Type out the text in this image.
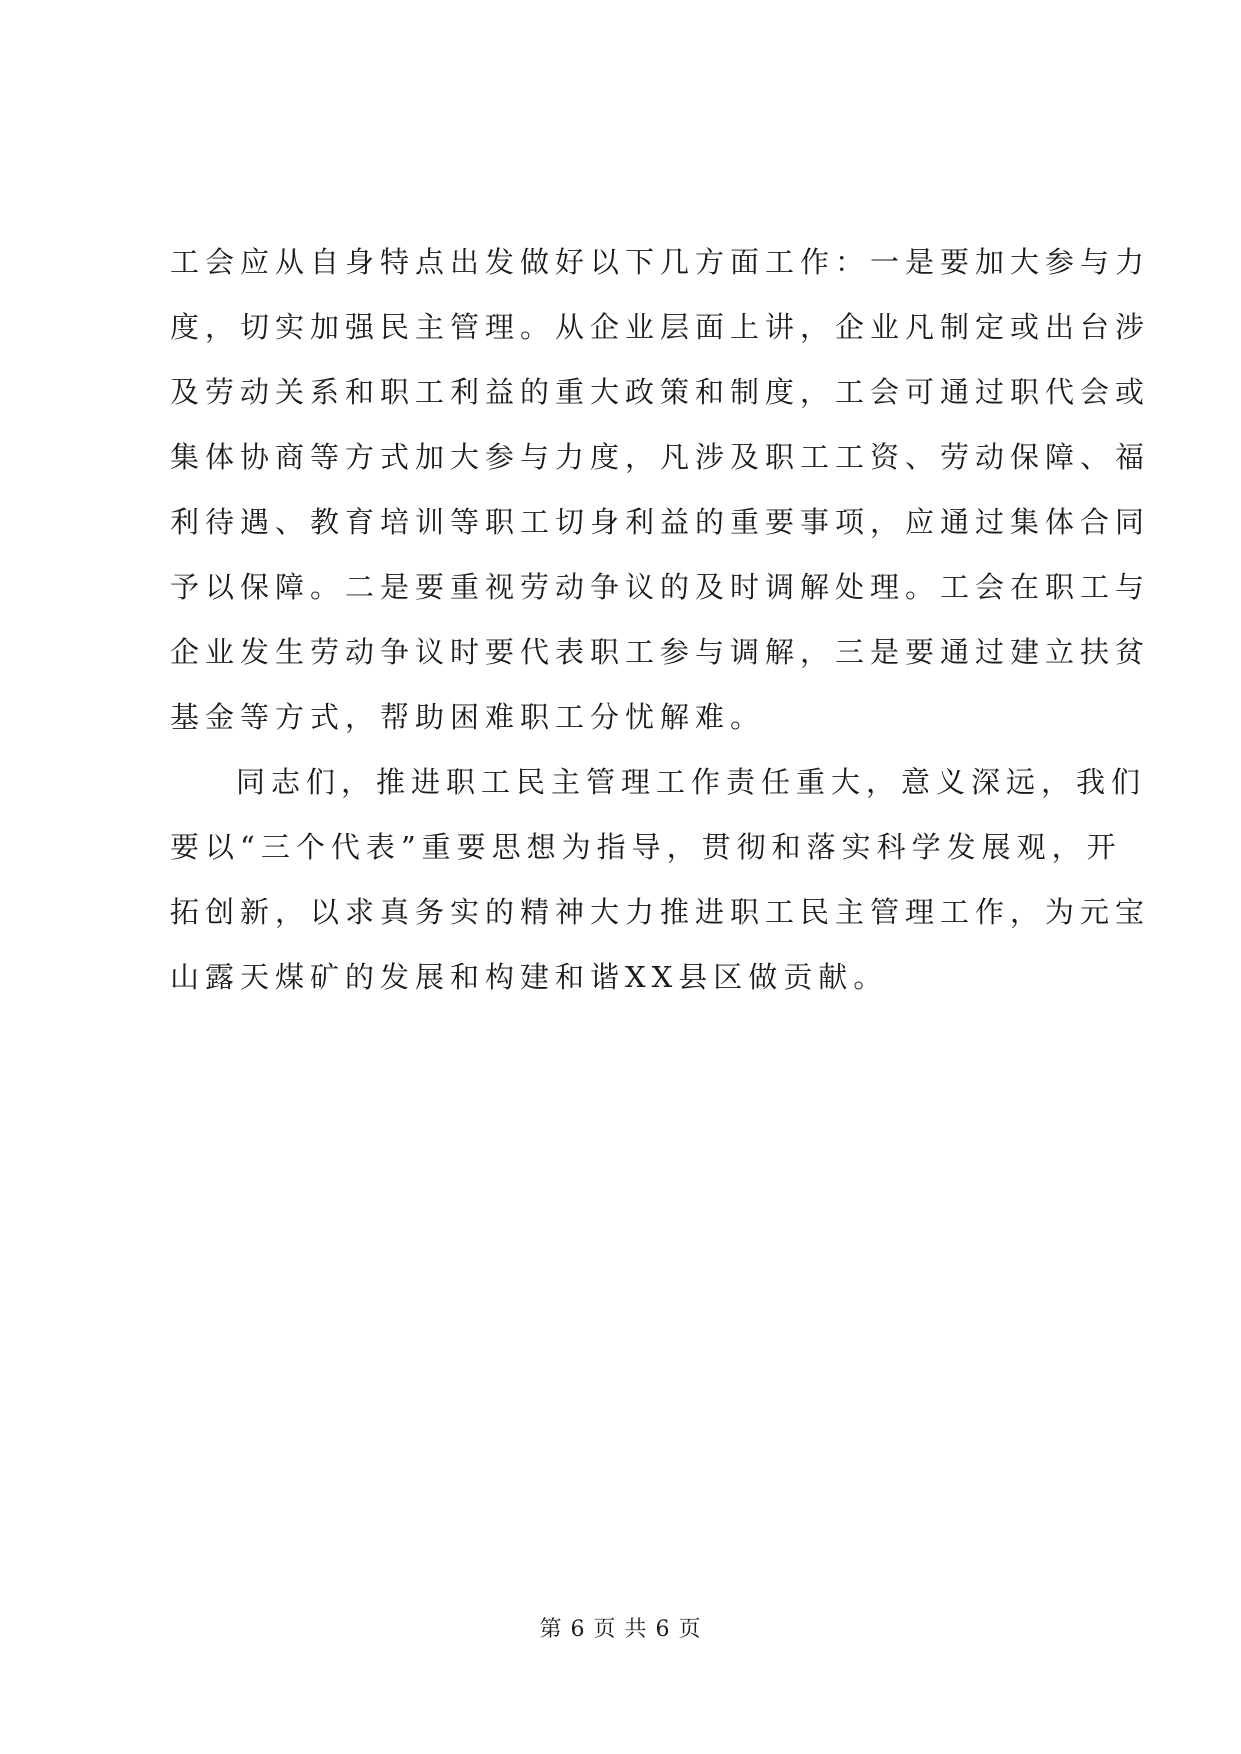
工会应从自身特点出发做好以下几方面工作：一是要加大参与力
度，切实加强民主管理。从企业层面上讲，企业凡制定或出台涉
及劳动关系和职工利益的重大政策和制度，工会可通过职代会或
集体协商等方式加大参与力度，凡涉及职工工资、劳动保障、福
利待遇、教育培训等职工切身利益的重要事项，应通过集体合同
予以保障。二是要重视劳动争议的及时调解处理。工会在职工与
企业发生劳动争议时要代表职工参与调解，三是要通过建立扶贫
基金等方式，帮助困难职工分忧解难。
同志们，推进职工民主管理工作责任重大，意义深远，我们
要以“三个代表”重要思想为指导，贯彻和落实科学发展观，开
拓创新，以求真务实的精神大力推进职工民主管理工作，为元宝
山露天煤矿的发展和构建和谐XX县区做贡献。
第 6 页 共 6 页
